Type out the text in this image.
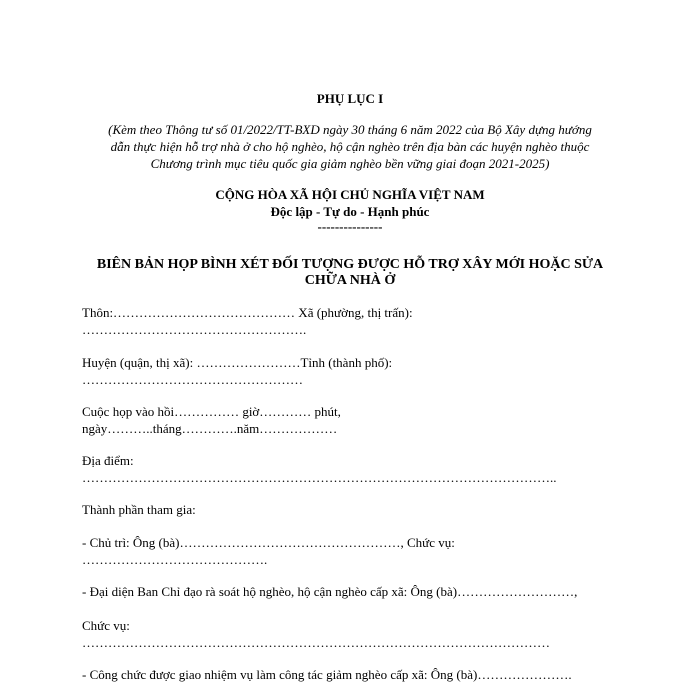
PHỤ LỤC I
(Kèm theo Thông tư số 01/2022/TT-BXD ngày 30 tháng 6 năm 2022 của Bộ Xây dựng hướng
dẫn thực hiện hỗ trợ nhà ở cho hộ nghèo, hộ cận nghèo trên địa bàn các huyện nghèo thuộc
Chương trình mục tiêu quốc gia giảm nghèo bền vững giai đoạn 2021-2025)
CỘNG HÒA XÃ HỘI CHỦ NGHĨA VIỆT NAM
Độc lập - Tự do - Hạnh phúc
---------------
BIÊN BẢN HỌP BÌNH XÉT ĐỐI TƯỢNG ĐƯỢC HỖ TRỢ XÂY MỚI HOẶC SỬA
CHỮA NHÀ Ở
Thôn:…………………………………… Xã (phường, thị trấn):
…………………………………………….
Huyện (quận, thị xã): ……………………Tỉnh (thành phố):
……………………………………………
Cuộc họp vào hồi…………… giờ………… phút,
ngày………..tháng………….năm………………
Địa điểm:
………………………………………………………………………………………………..
Thành phần tham gia:
- Chủ trì: Ông (bà)……………………………………………, Chức vụ:
…………………………………….
- Đại diện Ban Chỉ đạo rà soát hộ nghèo, hộ cận nghèo cấp xã: Ông (bà)………………………,
Chức vụ:
………………………………………………………………………………………………
- Công chức được giao nhiệm vụ làm công tác giảm nghèo cấp xã: Ông (bà)………………….
